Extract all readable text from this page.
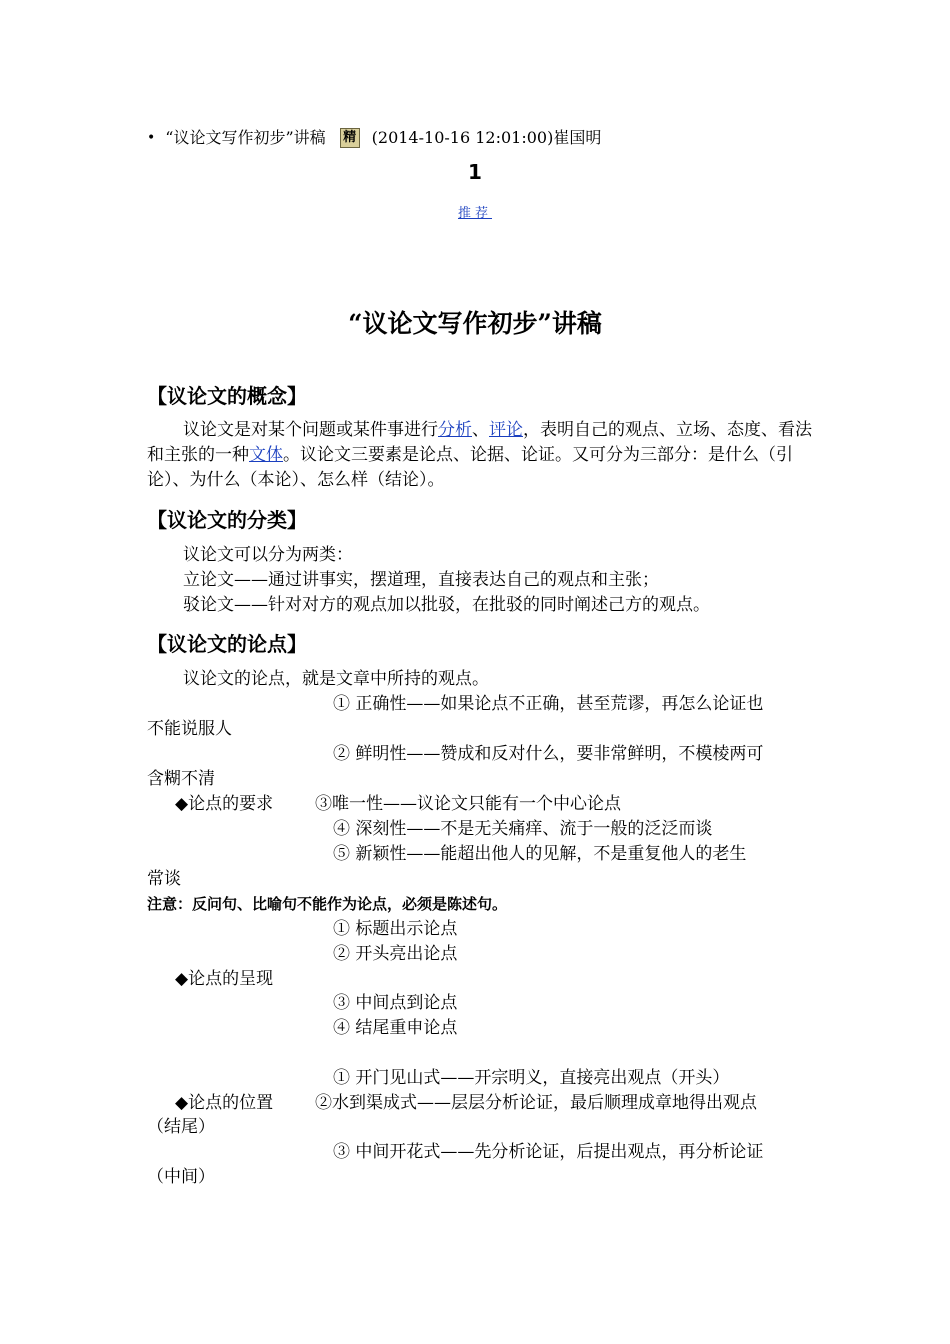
• “议论文写作初步”讲稿 精 (2014-10-16 12:01:00) 崔国明
1
推荐
“议论文写作初步”讲稿
【议论文的概念】
议论文是对某个问题或某件事进行分析、评论，表明自己的观点、立场、态度、看法和主张的一种文体。议论文三要素是论点、论据、论证。又可分为三部分：是什么（引论）、为什么（本论）、怎么样（结论）。
【议论文的分类】
议论文可以分为两类：
立论文——通过讲事实，摆道理，直接表达自己的观点和主张；
驳论文——针对对方的观点加以批驳，在批驳的同时阐述己方的观点。
【议论文的论点】
议论文的论点，就是文章中所持的观点。
① 正确性——如果论点不正确，甚至荒谬，再怎么论证也
不能说服人
② 鲜明性——赞成和反对什么，要非常鲜明，不模棱两可
含糊不清
◆论点的要求 ③唯一性——议论文只能有一个中心论点
④ 深刻性——不是无关痛痒、流于一般的泛泛而谈
⑤ 新颖性——能超出他人的见解，不是重复他人的老生
常谈
注意：反问句、比喻句不能作为论点，必须是陈述句。
① 标题出示论点
② 开头亮出论点
◆论点的呈现
③ 中间点到论点
④ 结尾重申论点
① 开门见山式——开宗明义，直接亮出观点（开头）
◆论点的位置 ②水到渠成式——层层分析论证，最后顺理成章地得出观点
（结尾）
③ 中间开花式——先分析论证，后提出观点，再分析论证
（中间）
